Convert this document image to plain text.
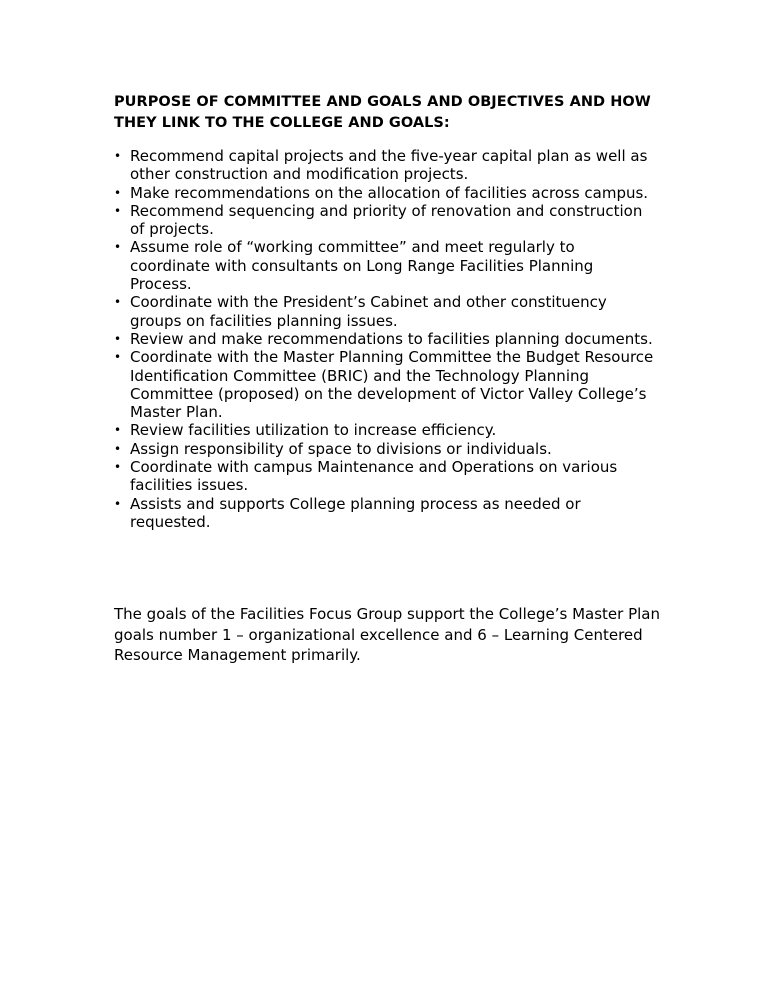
PURPOSE OF COMMITTEE AND GOALS AND OBJECTIVES AND HOW THEY LINK TO THE COLLEGE AND GOALS:
• Recommend capital projects and the five-year capital plan as well as other construction and modification projects.
• Make recommendations on the allocation of facilities across campus.
• Recommend sequencing and priority of renovation and construction of projects.
• Assume role of “working committee” and meet regularly to coordinate with consultants on Long Range Facilities Planning Process.
• Coordinate with the President’s Cabinet and other constituency groups on facilities planning issues.
• Review and make recommendations to facilities planning documents.
• Coordinate with the Master Planning Committee the Budget Resource Identification Committee (BRIC) and the Technology Planning Committee (proposed) on the development of Victor Valley College’s Master Plan.
• Review facilities utilization to increase efficiency.
• Assign responsibility of space to divisions or individuals.
• Coordinate with campus Maintenance and Operations on various facilities issues.
• Assists and supports College planning process as needed or requested.

The goals of the Facilities Focus Group support the College’s Master Plan goals number 1 – organizational excellence and 6 – Learning Centered Resource Management primarily.
